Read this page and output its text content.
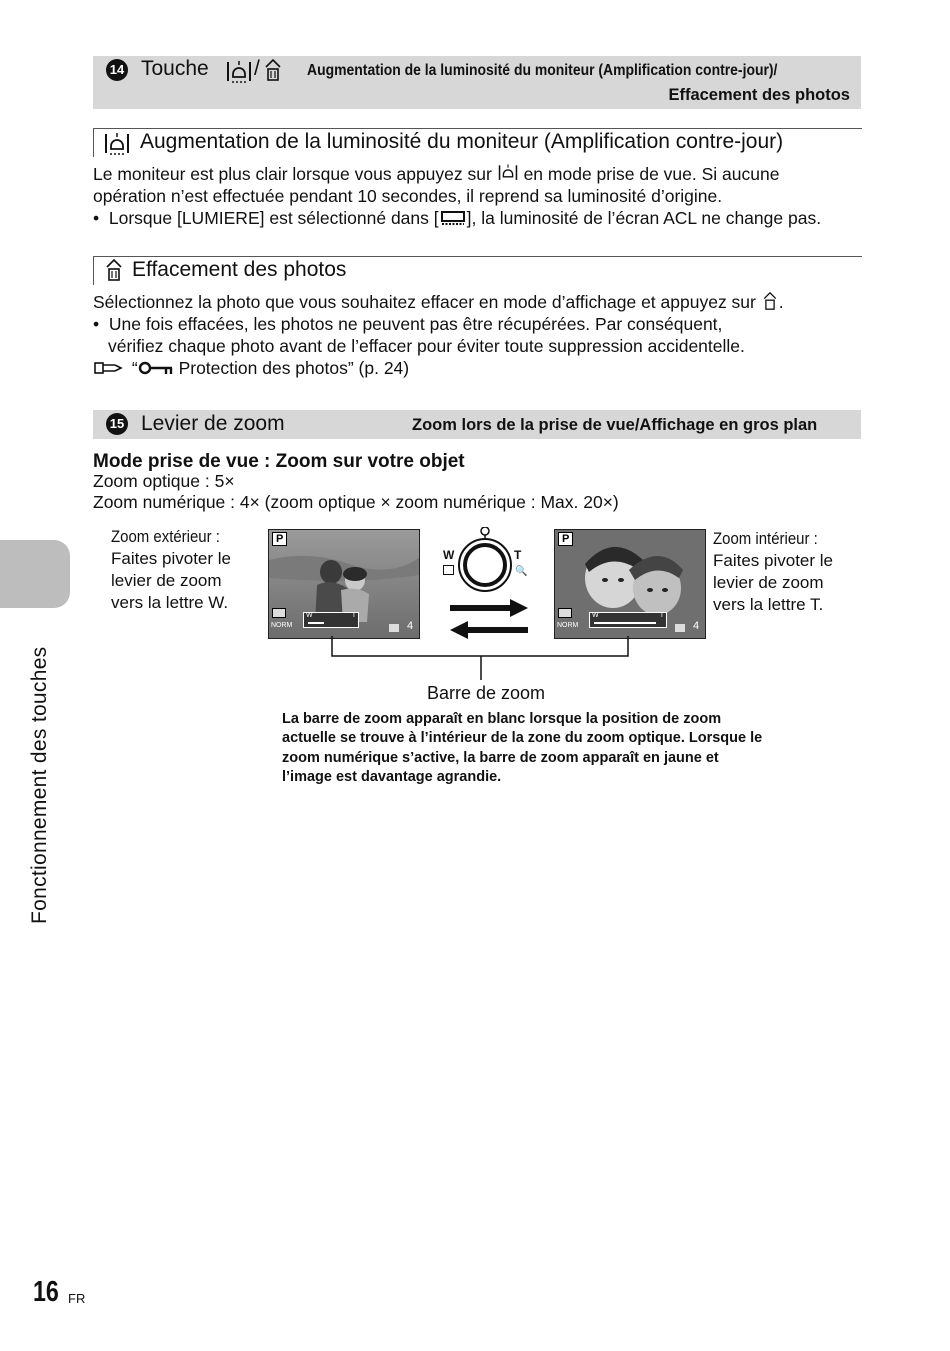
14 Touche /	Augmentation de la luminosité du moniteur (Amplification contre-jour)/
Effacement des photos
Augmentation de la luminosité du moniteur (Amplification contre-jour)
Le moniteur est plus clair lorsque vous appuyez sur en mode prise de vue. Si aucune
opération n’est effectuée pendant 10 secondes, il reprend sa luminosité d’origine.
•  Lorsque [LUMIERE] est sélectionné dans [ ], la luminosité de l’écran ACL ne change pas.
Effacement des photos
Sélectionnez la photo que vous souhaitez effacer en mode d’affichage et appuyez sur .
•  Une fois effacées, les photos ne peuvent pas être récupérées. Par conséquent,
vérifiez chaque photo avant de l’effacer pour éviter toute suppression accidentelle.
“ Protection des photos” (p. 24)
15 Levier de zoom	Zoom lors de la prise de vue/Affichage en gros plan
Mode prise de vue : Zoom sur votre objet
Zoom optique : 5×
Zoom numérique : 4× (zoom optique × zoom numérique : Max. 20×)
Zoom extérieur :
Faites pivoter le
levier de zoom
vers la lettre W.
Zoom intérieur :
Faites pivoter le
levier de zoom
vers la lettre T.
P
NORM
W	T
4
W	T
🔍
P
NORM
W	T
4
Barre de zoom
La barre de zoom apparaît en blanc lorsque la position de zoom
actuelle se trouve à l’intérieur de la zone du zoom optique. Lorsque le
zoom numérique s’active, la barre de zoom apparaît en jaune et
l’image est davantage agrandie.
Fonctionnement des touches
16 FR
